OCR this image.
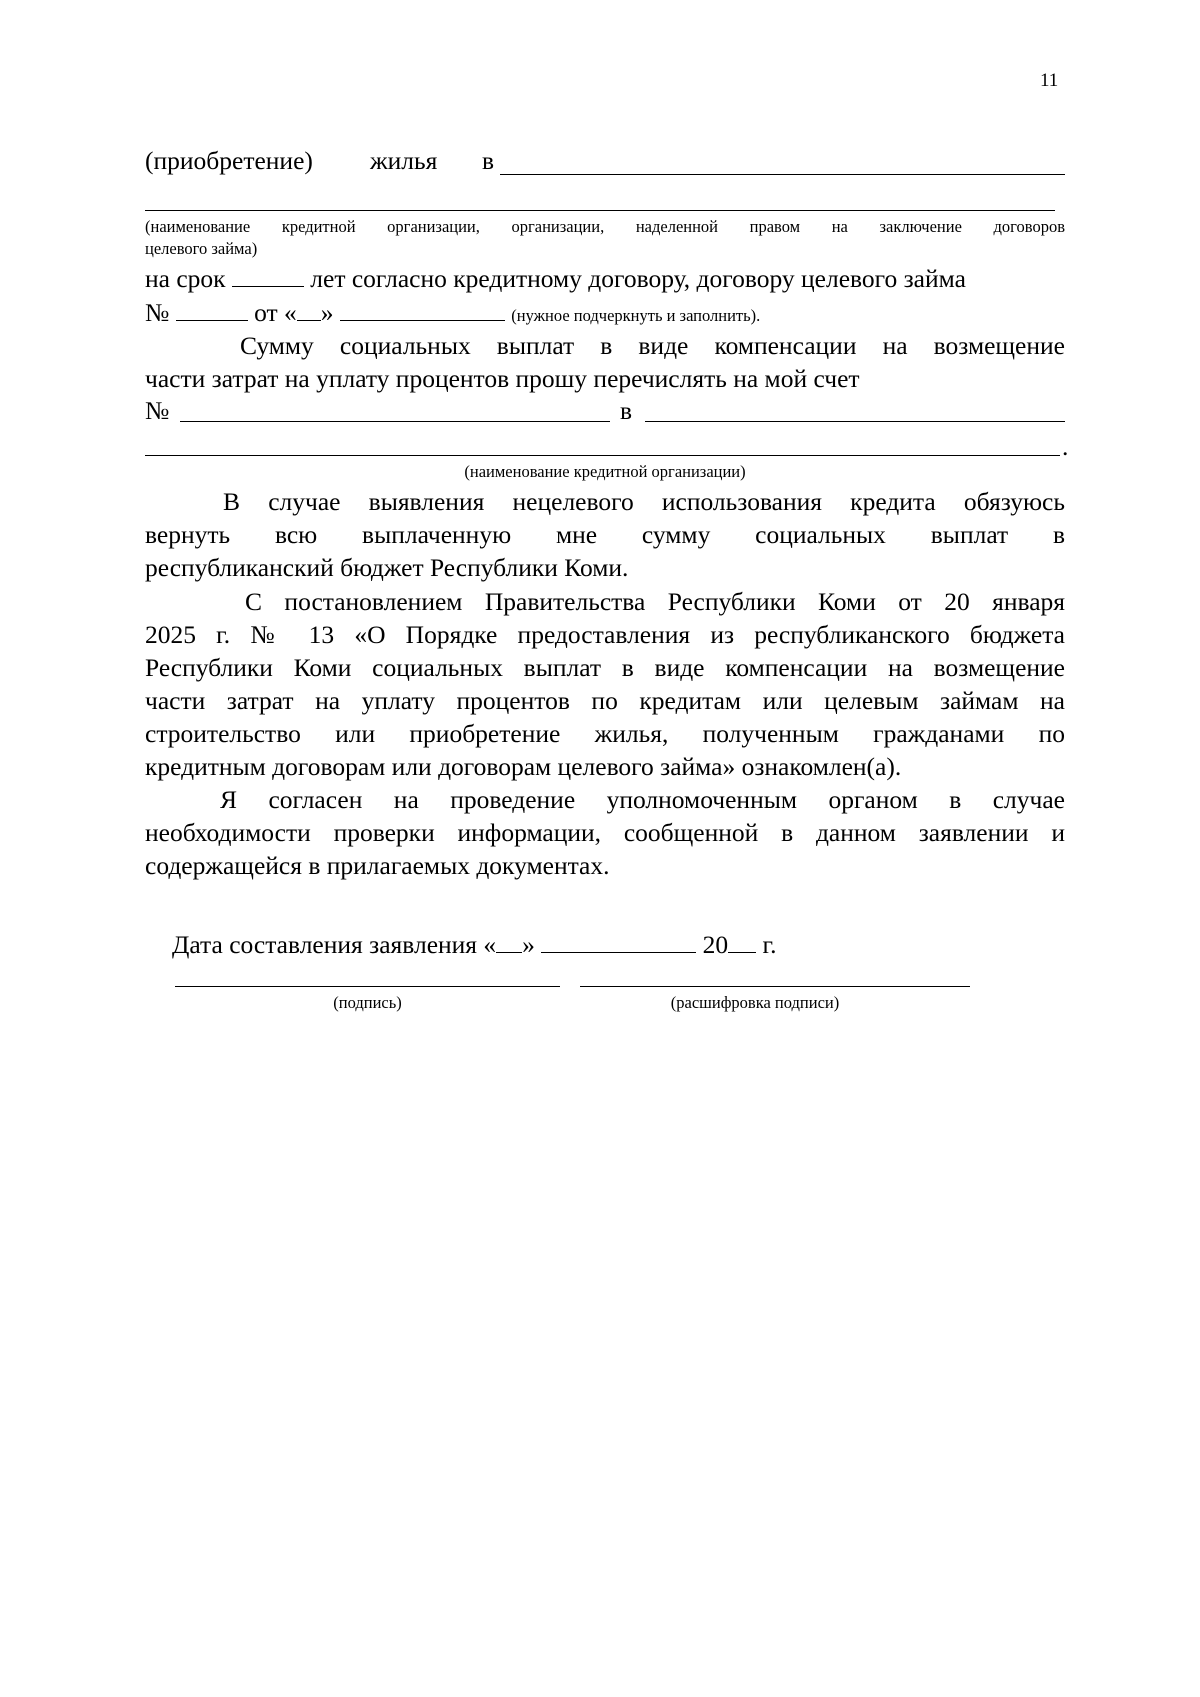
11
(приобретение) жилья в
(наименование кредитной организации, организации, наделенной правом на заключение договоров
целевого займа)
на срок	лет согласно кредитному договору, договору целевого займа
№	от « »	(нужное подчеркнуть и заполнить).
Сумму социальных выплат в виде компенсации на возмещение
части затрат на уплату процентов прошу перечислять на мой счет
№	в
.
(наименование кредитной организации)
В случае выявления нецелевого использования кредита обязуюсь
вернуть всю выплаченную мне сумму социальных выплат в
республиканский бюджет Республики Коми.
С постановлением Правительства Республики Коми от 20 января
2025 г. № 13 «О Порядке предоставления из республиканского бюджета
Республики Коми социальных выплат в виде компенсации на возмещение
части затрат на уплату процентов по кредитам или целевым займам на
строительство или приобретение жилья, полученным гражданами по
кредитным договорам или договорам целевого займа» ознакомлен(а).
Я согласен на проведение уполномоченным органом в случае
необходимости проверки информации, сообщенной в данном заявлении и
содержащейся в прилагаемых документах.
Дата составления заявления « »	20 г.
(подпись)	(расшифровка подписи)
